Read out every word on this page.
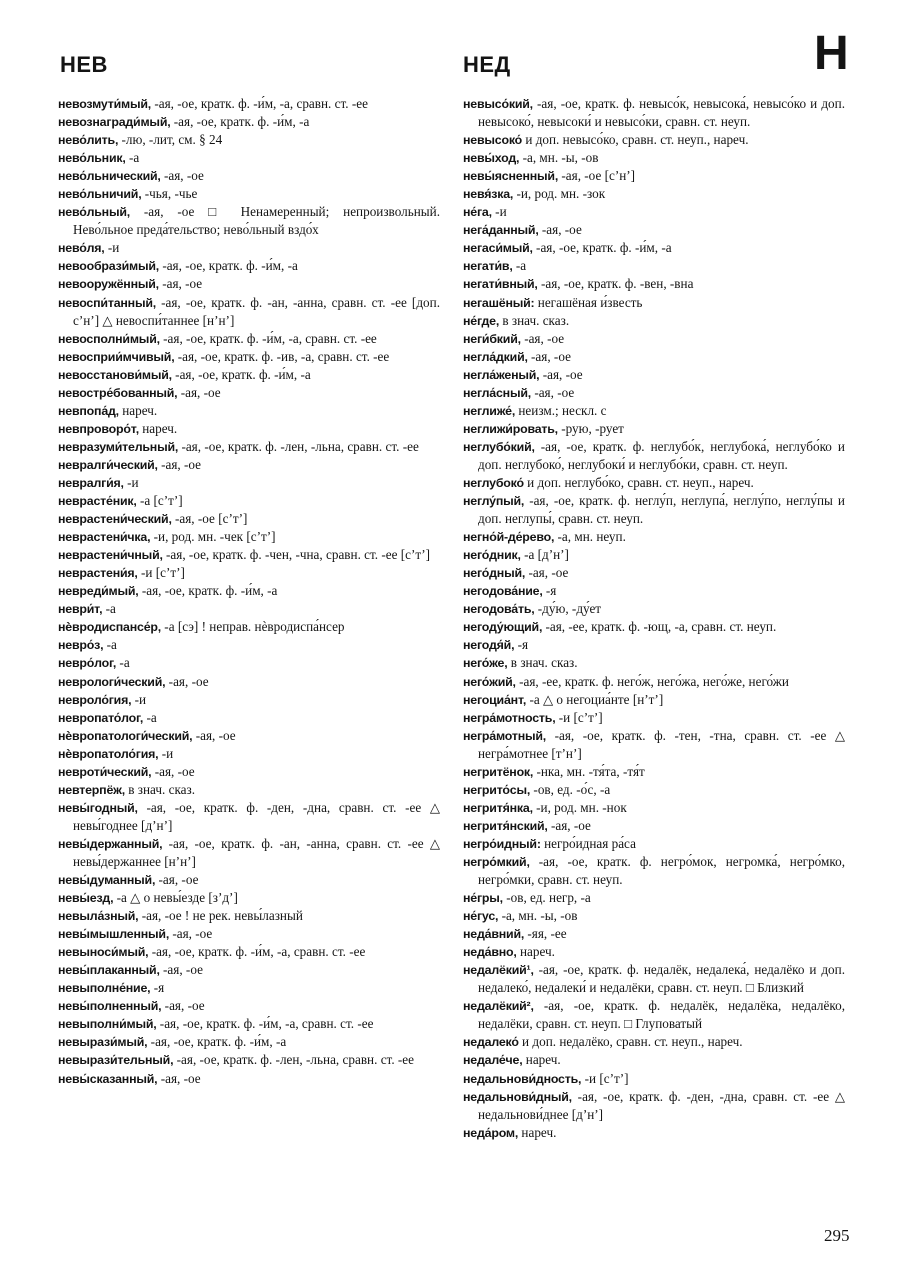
НЕВ	НЕД	Н

невозмути́мый, -ая, -ое, кратк. ф. -и́м, -а, сравн. ст. -ее

невознагради́мый, -ая, -ое, кратк. ф. -и́м, -а

нево́лить, -лю, -лит, см. § 24

нево́льник, -а

нево́льнический, -ая, -ое

нево́льничий, -чья, -чье

нево́льный, -ая, -ое □ Ненамеренный; непроизвольный. Нево́льное преда́тельство; нево́льный вздо́х

нево́ля, -и

невообрази́мый, -ая, -ое, кратк. ф. -и́м, -а

невооружённый, -ая, -ое

невоспи́танный, -ая, -ое, кратк. ф. -ан, -анна, сравн. ст. -ее [доп. сʼнʼ] △ невоспи́таннее [нʼнʼ]

невосполни́мый, -ая, -ое, кратк. ф. -и́м, -а, сравн. ст. -ее

невосприи́мчивый, -ая, -ое, кратк. ф. -ив, -а, сравн. ст. -ее

невосстанови́мый, -ая, -ое, кратк. ф. -и́м, -а

невостре́бованный, -ая, -ое

невпопа́д, нареч.

невпроворо́т, нареч.

невразуми́тельный, -ая, -ое, кратк. ф. -лен, -льна, сравн. ст. -ее

невралги́ческий, -ая, -ое

невралги́я, -и

неврасте́ник, -а [сʼтʼ]

неврастени́ческий, -ая, -ое [сʼтʼ]

неврастени́чка, -и, род. мн. -чек [сʼтʼ]

неврастени́чный, -ая, -ое, кратк. ф. -чен, -чна, сравн. ст. -ее [сʼтʼ]

неврастени́я, -и [сʼтʼ]

невреди́мый, -ая, -ое, кратк. ф. -и́м, -а

неври́т, -а

нѐвродиспансе́р, -а [сэ] ! неправ. нѐвродиспа́нсер

невро́з, -а

невро́лог, -а

неврологи́ческий, -ая, -ое

невроло́гия, -и

невропато́лог, -а

нѐвропатологи́ческий, -ая, -ое

нѐвропатоло́гия, -и

невроти́ческий, -ая, -ое

невтерпёж, в знач. сказ.

невы́годный, -ая, -ое, кратк. ф. -ден, -дна, сравн. ст. -ее △ невы́годнее [дʼнʼ]

невы́держанный, -ая, -ое, кратк. ф. -ан, -анна, сравн. ст. -ее △ невы́держаннее [нʼнʼ]

невы́думанный, -ая, -ое

невы́езд, -а △ о невы́езде [зʼдʼ]

невыла́зный, -ая, -ое ! не рек. невы́лазный

невы́мышленный, -ая, -ое

невыноси́мый, -ая, -ое, кратк. ф. -и́м, -а, сравн. ст. -ее

невы́плаканный, -ая, -ое

невыполне́ние, -я

невы́полненный, -ая, -ое

невыполни́мый, -ая, -ое, кратк. ф. -и́м, -а, сравн. ст. -ее

невырази́мый, -ая, -ое, кратк. ф. -и́м, -а

невырази́тельный, -ая, -ое, кратк. ф. -лен, -льна, сравн. ст. -ее

невы́сказанный, -ая, -ое

невысо́кий, -ая, -ое, кратк. ф. невысо́к, невысока́, невысо́ко и доп. невысоко́, невысоки́ и невысо́ки, сравн. ст. неуп.

невысоко́ и доп. невысо́ко, сравн. ст. неуп., нареч.

невы́ход, -а, мн. -ы, -ов

невы́ясненный, -ая, -ое [сʼнʼ]

невя́зка, -и, род. мн. -зок

не́га, -и

нега́данный, -ая, -ое

негаси́мый, -ая, -ое, кратк. ф. -и́м, -а

негати́в, -а

негати́вный, -ая, -ое, кратк. ф. -вен, -вна

негашёный: негашёная и́звесть

не́где, в знач. сказ.

неги́бкий, -ая, -ое

негла́дкий, -ая, -ое

негла́женый, -ая, -ое

негла́сный, -ая, -ое

неглиже́, неизм.; нескл. с

неглижи́ровать, -рую, -рует

неглубо́кий, -ая, -ое, кратк. ф. неглубо́к, неглубока́, неглубо́ко и доп. неглубоко́, неглубоки́ и неглубо́ки, сравн. ст. неуп.

неглубоко́ и доп. неглубо́ко, сравн. ст. неуп., нареч.

неглу́пый, -ая, -ое, кратк. ф. неглу́п, неглупа́, неглу́по, неглу́пы и доп. неглупы́, сравн. ст. неуп.

негно́й-де́рево, -а, мн. неуп.

него́дник, -а [дʼнʼ]

него́дный, -ая, -ое

негодова́ние, -я

негодова́ть, -ду́ю, -ду́ет

негоду́ющий, -ая, -ее, кратк. ф. -ющ, -а, сравн. ст. неуп.

негодя́й, -я

него́же, в знач. сказ.

него́жий, -ая, -ее, кратк. ф. него́ж, него́жа, него́же, него́жи

негоциа́нт, -а △ о негоциа́нте [нʼтʼ]

негра́мотность, -и [сʼтʼ]

негра́мотный, -ая, -ое, кратк. ф. -тен, -тна, сравн. ст. -ее △ негра́мотнее [тʼнʼ]

негритёнок, -нка, мн. -тя́та, -тя́т

негрито́сы, -ов, ед. -о́с, -а

негритя́нка, -и, род. мн. -нок

негритя́нский, -ая, -ое

негро́идный: негро́идная ра́са

негро́мкий, -ая, -ое, кратк. ф. негро́мок, негромка́, негро́мко, негро́мки, сравн. ст. неуп.

не́гры, -ов, ед. негр, -а

не́гус, -а, мн. -ы, -ов

неда́вний, -яя, -ее

неда́вно, нареч.

недалёкий¹, -ая, -ое, кратк. ф. недалёк, недалека́, недалёко и доп. недалеко́, недалеки́ и недалёки, сравн. ст. неуп. □ Близкий

недалёкий², -ая, -ое, кратк. ф. недалёк, недалёка, недалёко, недалёки, сравн. ст. неуп. □ Глуповатый

недалеко́ и доп. недалёко, сравн. ст. неуп., нареч.

недале́че, нареч.

недальнови́дность, -и [сʼтʼ]

недальнови́дный, -ая, -ое, кратк. ф. -ден, -дна, сравн. ст. -ее △ недальнови́днее [дʼнʼ]

неда́ром, нареч.

295
